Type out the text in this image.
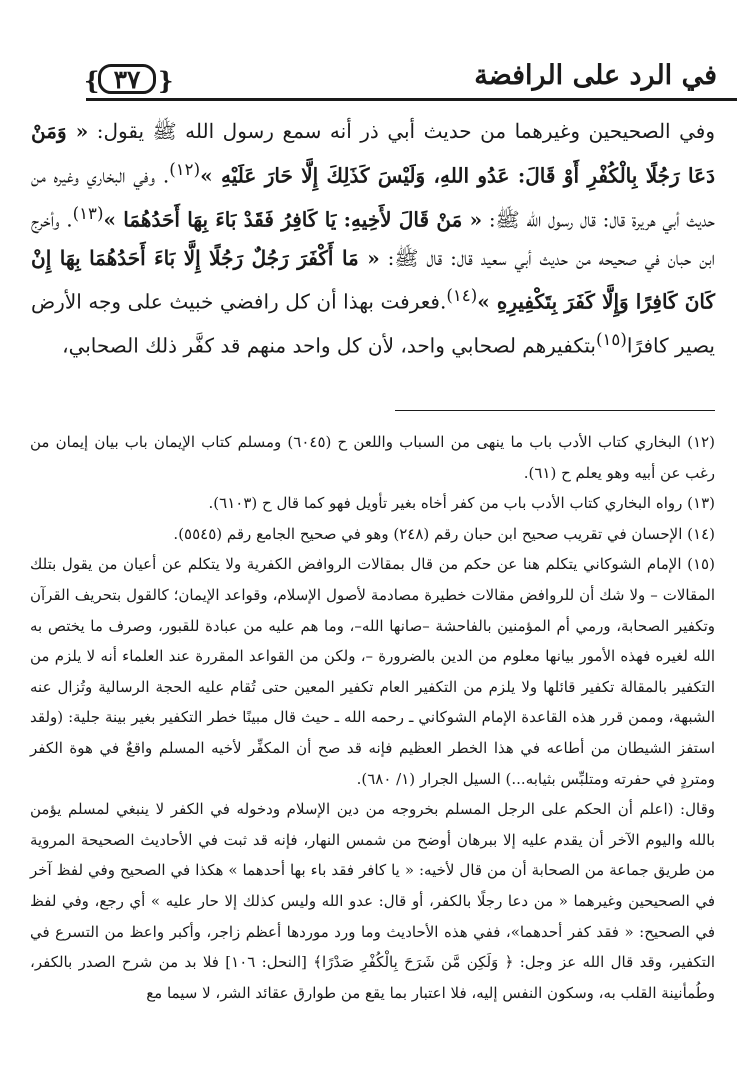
في الرد على الرافضة
{ ٣٧ }
وفي الصحيحين وغيرهما من حديث أبي ذر أنه سمع رسول الله ﷺ يقول: « وَمَنْ دَعَا رَجُلًا بِالْكُفْرِ أَوْ قَالَ: عَدُو اللهِ، وَلَيْسَ كَذَلِكَ إِلَّا حَارَ عَلَيْهِ »$^{(١٢)}$. وفي البخاري وغيره من حديث أبي هريرة قال: قال رسول الله ﷺ: « مَنْ قَالَ لأَخِيهِ: يَا كَافِرُ فَقَدْ بَاءَ بِهَا أَحَدُهُمَا »$^{(١٣)}$. وأخرج ابن حبان في صحيحه من حديث أبي سعيد قال: قال ﷺ: « مَا أَكْفَرَ رَجُلٌ رَجُلًا إِلَّا بَاءَ أَحَدُهُمَا بِهَا إِنْ كَانَ كَافِرًا وَإِلَّا كَفَرَ بِتَكْفِيرِهِ »$^{(١٤)}$.فعرفت بهذا أن كل رافضي خبيث على وجه الأرض يصير كافرًا$^{(١٥)}$بتكفيرهم لصحابي واحد، لأن كل واحد منهم قد كفَّر ذلك الصحابي،

(١٢) البخاري كتاب الأدب باب ما ينهى من السباب واللعن ح (٦٠٤٥) ومسلم كتاب الإيمان باب بيان إيمان من رغب عن أبيه وهو يعلم ح (٦١).

(١٣) رواه البخاري كتاب الأدب باب من كفر أخاه بغير تأويل فهو كما قال ح (٦١٠٣).

(١٤) الإحسان في تقريب صحيح ابن حبان رقم (٢٤٨) وهو في صحيح الجامع رقم (٥٥٤٥).

(١٥) الإمام الشوكاني يتكلم هنا عن حكم من قال بمقالات الروافض الكفرية ولا يتكلم عن أعيان من يقول بتلك المقالات – ولا شك أن للروافض مقالات خطيرة مصادمة لأصول الإسلام، وقواعد الإيمان؛ كالقول بتحريف القرآن وتكفير الصحابة، ورمي أم المؤمنين بالفاحشة –صانها الله–، وما هم عليه من عبادة للقبور، وصرف ما يختص به الله لغيره فهذه الأمور بيانها معلوم من الدين بالضرورة –، ولكن من القواعد المقررة عند العلماء أنه لا يلزم من التكفير بالمقالة تكفير قائلها ولا يلزم من التكفير العام تكفير المعين حتى تُقام عليه الحجة الرسالية وتُزال عنه الشبهة، وممن قرر هذه القاعدة الإمام الشوكاني ـ رحمه الله ـ حيث قال مبينًا خطر التكفير بغير بينة جلية: (ولقد استفز الشيطان من أطاعه في هذا الخطر العظيم فإنه قد صح أن المكفِّر لأخيه المسلم واقعٌ في هوة الكفر ومتردٍ في حفرته ومتلبِّس بثيابه...) السيل الجرار (١/ ٦٨٠).

وقال: (اعلم أن الحكم على الرجل المسلم بخروجه من دين الإسلام ودخوله في الكفر لا ينبغي لمسلم يؤمن بالله واليوم الآخر أن يقدم عليه إلا ببرهان أوضح من شمس النهار، فإنه قد ثبت في الأحاديث الصحيحة المروية من طريق جماعة من الصحابة أن من قال لأخيه: « يا كافر فقد باء بها أحدهما » هكذا في الصحيح وفي لفظ آخر في الصحيحين وغيرهما « من دعا رجلًا بالكفر، أو قال: عدو الله وليس كذلك إلا حار عليه » أي رجع، وفي لفظ في الصحيح: « فقد كفر أحدهما»، ففي هذه الأحاديث وما ورد موردها أعظم زاجر، وأكبر واعظ من التسرع في التكفير، وقد قال الله عز وجل: ﴿ وَلَكِن مَّن شَرَحَ بِالْكُفْرِ صَدْرًا﴾ [النحل: ١٠٦] فلا بد من شرح الصدر بالكفر، وطُمأنينة القلب به، وسكون النفس إليه، فلا اعتبار بما يقع من طوارق عقائد الشر، لا سيما مع
